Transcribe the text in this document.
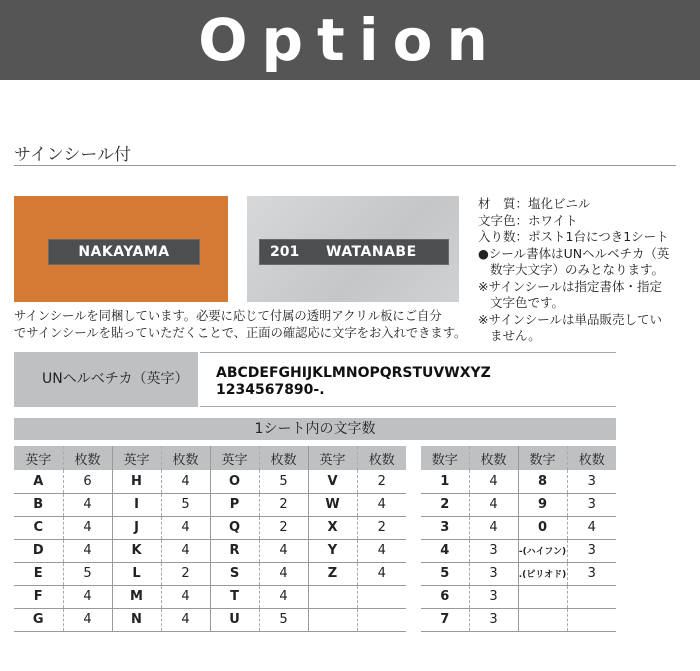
Option
サインシール付
NAKAYAMA	201 WATANABE
材　質：塩化ビニル
文字色：ホワイト
入り数：ポスト1台につき1シート
●シール書体はUNヘルベチカ（英
数字大文字）のみとなります。
※サインシールは指定書体・指定
文字色です。
※サインシールは単品販売してい
ません。
サインシールを同梱しています。必要に応じて付属の透明アクリル板にご自分
でサインシールを貼っていただくことで、正面の確認応に文字をお入れできます。
UNヘルベチカ（英字）	ABCDEFGHIJKLMNOPQRSTUVWXYZ
1234567890-.
1シート内の文字数
英字	枚数	英字	枚数	英字	枚数	英字	枚数
A	6	H	4	O	5	V	2
B	4	I	5	P	2	W	4
C	4	J	4	Q	2	X	2
D	4	K	4	R	4	Y	4
E	5	L	2	S	4	Z	4
F	4	M	4	T	4		
G	4	N	4	U	5		
数字	枚数	数字	枚数
1	4	8	3
2	4	9	3
3	4	0	4
4	3	-(ハイフン)	3
5	3	.(ピリオド)	3
6	3		
7	3		
